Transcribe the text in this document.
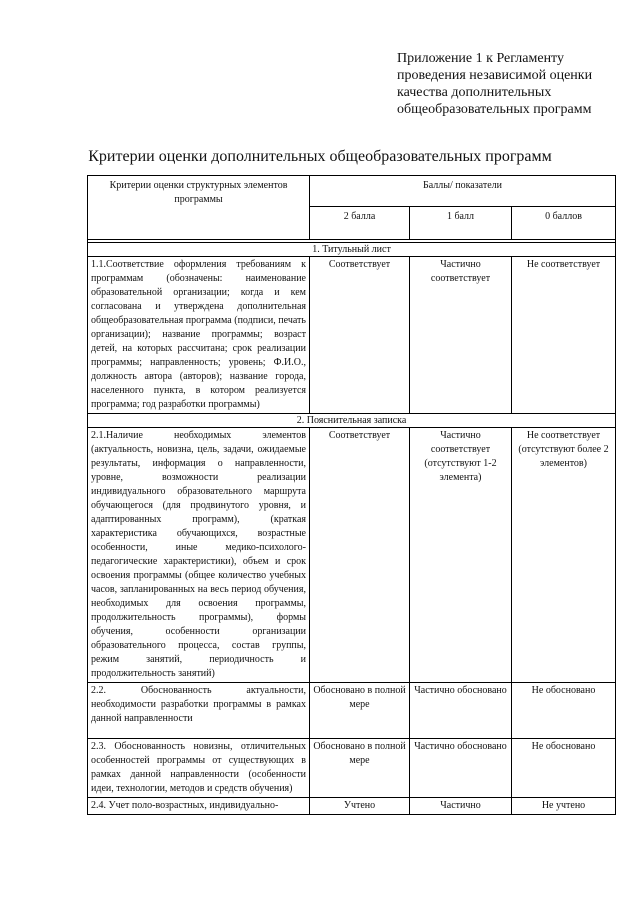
Приложение 1 к Регламенту
проведения независимой оценки
качества дополнительных
общеобразовательных программ
Критерии оценки дополнительных общеобразовательных программ
Критерии оценки структурных элементов программы	Баллы/ показатели		
	2 балла	1 балл	0 баллов

1. Титульный лист			
1.1.Соответствие оформления требованиям к программам (обозначены: наименование образовательной организации; когда и кем согласована и утверждена дополнительная общеобразовательная программа (подписи, печать организации); название программы; возраст детей, на которых рассчитана; срок реализации программы; направленность; уровень; Ф.И.О., должность автора (авторов); название города, населенного пункта, в котором реализуется программа; год разработки программы)	Соответствует	Частично соответствует	Не соответствует
2. Пояснительная записка			
2.1.Наличие необходимых элементов (актуальность, новизна, цель, задачи, ожидаемые результаты, информация о направленности, уровне, возможности реализации индивидуального образовательного маршрута обучающегося (для продвинутого уровня, и адаптированных программ), (краткая характеристика обучающихся, возрастные особенности, иные медико-психолого-педагогические характеристики), объем и срок освоения программы (общее количество учебных часов, запланированных на весь период обучения, необходимых для освоения программы, продолжительность программы), формы обучения, особенности организации образовательного процесса, состав группы, режим занятий, периодичность и продолжительность занятий)	Соответствует	Частично соответствует (отсутствуют 1-2 элемента)	Не соответствует (отсутствуют более 2 элементов)
2.2. Обоснованность актуальности, необходимости разработки программы в рамках данной направленности	Обосновано в полной мере	Частично обосновано	Не обосновано
2.3. Обоснованность новизны, отличительных особенностей программы от существующих в рамках данной направленности (особенности идеи, технологии, методов и средств обучения)	Обосновано в полной мере	Частично обосновано	Не обосновано
2.4. Учет поло-возрастных, индивидуально-	Учтено	Частично	Не учтено
